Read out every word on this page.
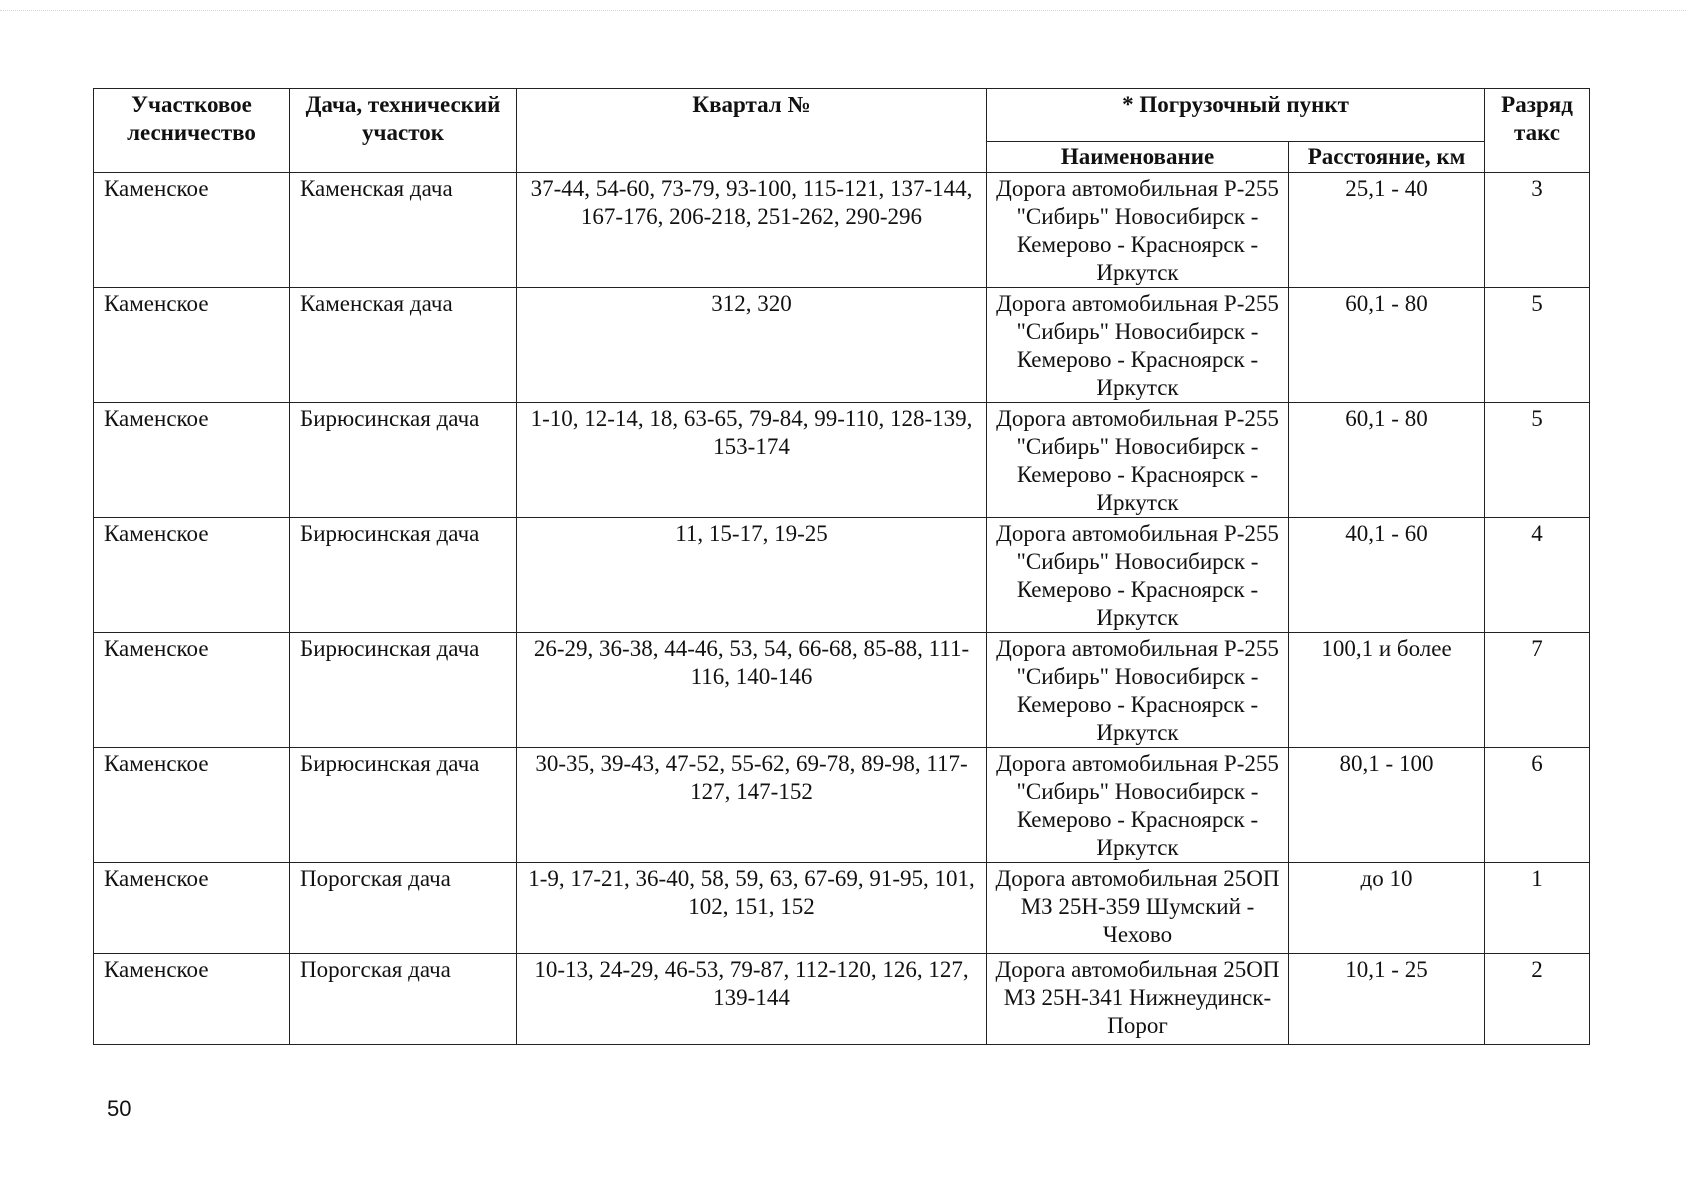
Участковое лесничество	Дача, технический участок	Квартал №	* Погрузочный пункт		Разряд такс
			Наименование	Расстояние, км	
Каменское	Каменская дача	37-44, 54-60, 73-79, 93-100, 115-121, 137-144, 167-176, 206-218, 251-262, 290-296	Дорога автомобильная Р-255 "Сибирь" Новосибирск - Кемерово - Красноярск - Иркутск	25,1 - 40	3
Каменское	Каменская дача	312, 320	Дорога автомобильная Р-255 "Сибирь" Новосибирск - Кемерово - Красноярск - Иркутск	60,1 - 80	5
Каменское	Бирюсинская дача	1-10, 12-14, 18, 63-65, 79-84, 99-110, 128-139, 153-174	Дорога автомобильная Р-255 "Сибирь" Новосибирск - Кемерово - Красноярск - Иркутск	60,1 - 80	5
Каменское	Бирюсинская дача	11, 15-17, 19-25	Дорога автомобильная Р-255 "Сибирь" Новосибирск - Кемерово - Красноярск - Иркутск	40,1 - 60	4
Каменское	Бирюсинская дача	26-29, 36-38, 44-46, 53, 54, 66-68, 85-88, 111-116, 140-146	Дорога автомобильная Р-255 "Сибирь" Новосибирск - Кемерово - Красноярск - Иркутск	100,1 и более	7
Каменское	Бирюсинская дача	30-35, 39-43, 47-52, 55-62, 69-78, 89-98, 117-127, 147-152	Дорога автомобильная Р-255 "Сибирь" Новосибирск - Кемерово - Красноярск - Иркутск	80,1 - 100	6
Каменское	Порогская дача	1-9, 17-21, 36-40, 58, 59, 63, 67-69, 91-95, 101, 102, 151, 152	Дорога автомобильная 25ОП МЗ 25Н-359 Шумский - Чехово	до 10	1
Каменское	Порогская дача	10-13, 24-29, 46-53, 79-87, 112-120, 126, 127, 139-144	Дорога автомобильная 25ОП МЗ 25Н-341 Нижнеудинск-Порог	10,1 - 25	2
50
